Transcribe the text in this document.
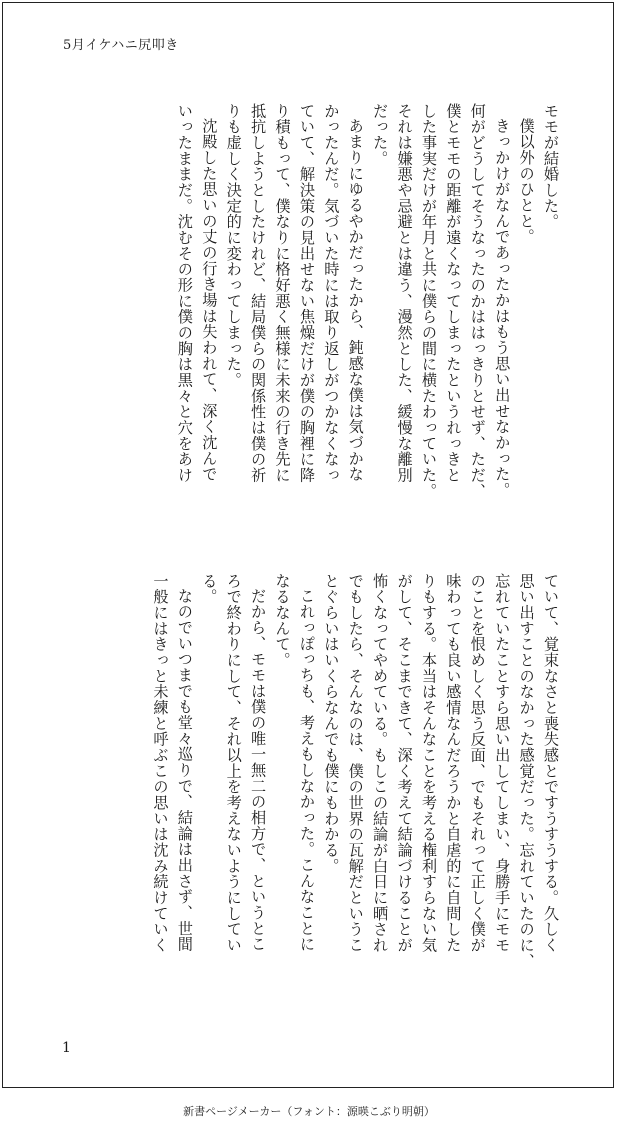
5月イケハニ尻叩き

モモが結婚した。

僕以外のひとと。

きっかけがなんであったかはもう思い出せなかった。
何がどうしてそうなったのかははっきりとせず、ただ、
僕とモモの距離が遠くなってしまったというれっきと
した事実だけが年月と共に僕らの間に横たわっていた。
それは嫌悪や忌避とは違う、漫然とした、緩慢な離別
だった。

あまりにゆるやかだったから、鈍感な僕は気づかな
かったんだ。気づいた時には取り返しがつかなくなっ
ていて、解決策の見出せない焦燥だけが僕の胸裡に降
り積もって、僕なりに格好悪く無様に未来の行き先に
抵抗しようとしたけれど、結局僕らの関係性は僕の祈
りも虚しく決定的に変わってしまった。

沈殿した思いの丈の行き場は失われて、深く沈んで
いったままだ。沈むその形に僕の胸は黒々と穴をあけ

ていて、覚束なさと喪失感とですうすうする。久しく
思い出すことのなかった感覚だった。忘れていたのに、
忘れていたことすら思い出してしまい、身勝手にモモ
のことを恨めしく思う反面、でもそれって正しく僕が
味わっても良い感情なんだろうかと自虐的に自問した
りもする。本当はそんなことを考える権利すらない気
がして、そこまできて、深く考えて結論づけることが
怖くなってやめている。もしこの結論が白日に晒され
でもしたら、そんなのは、僕の世界の瓦解だというこ
とぐらいはいくらなんでも僕にもわかる。

これっぽっちも、考えもしなかった。こんなことに
なるなんて。

だから、モモは僕の唯一無二の相方で、というとこ
ろで終わりにして、それ以上を考えないようにしてい
る。

なのでいつまでも堂々巡りで、結論は出さず、世間
一般にはきっと未練と呼ぶこの思いは沈み続けていく

1
新書ページメーカー（フォント：源暎こぶり明朝）
